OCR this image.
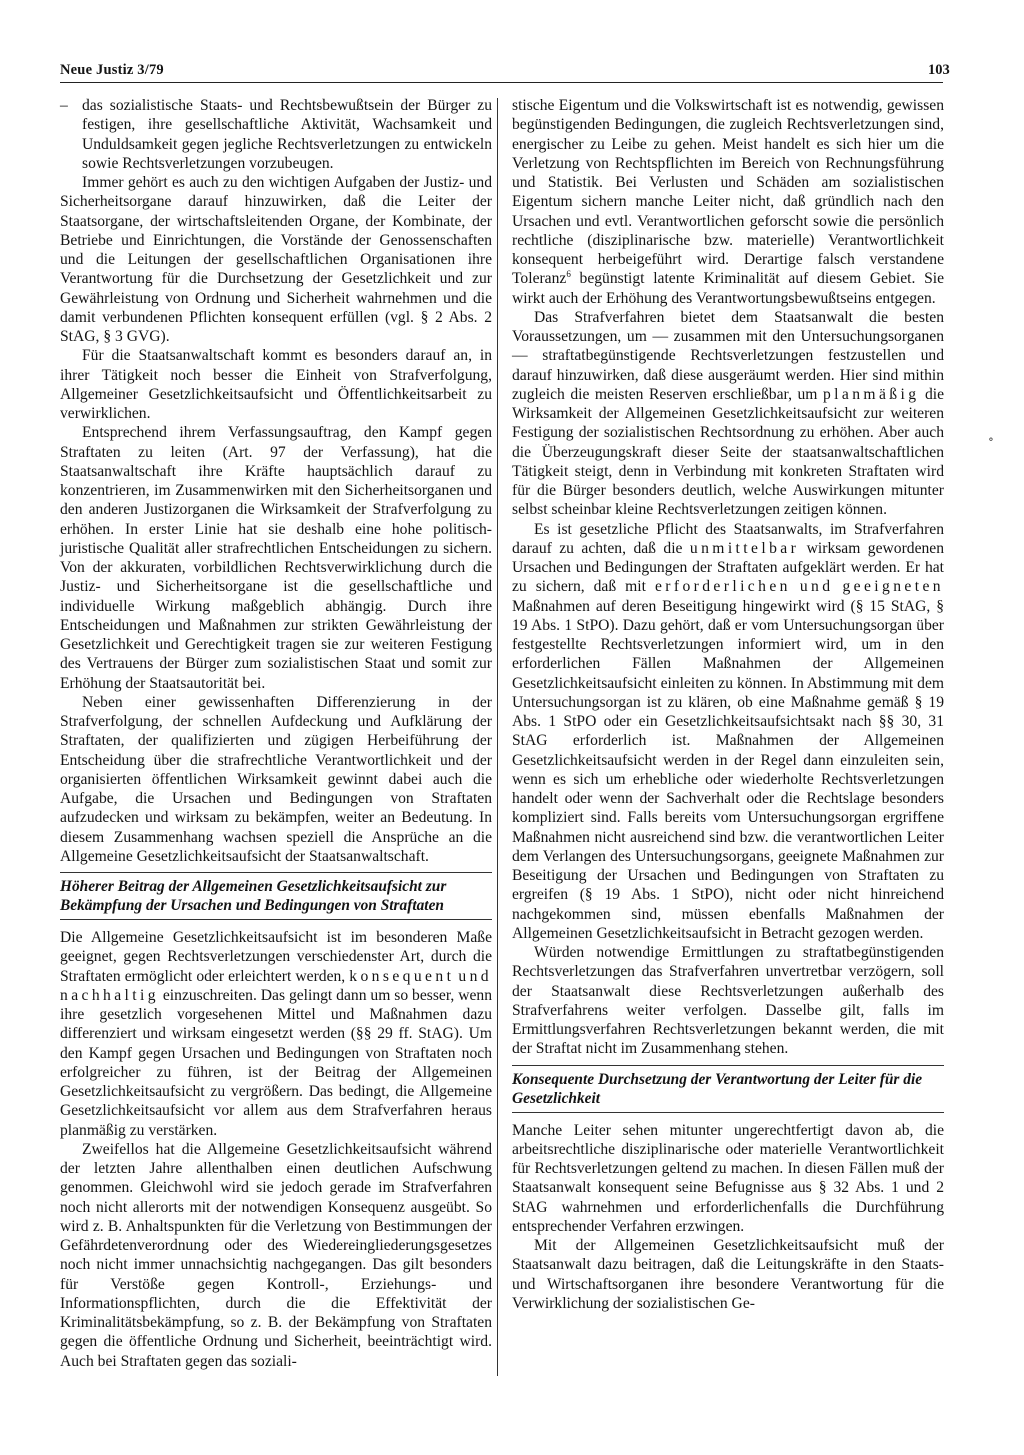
Neue Justiz 3/79	103

– das sozialistische Staats- und Rechtsbewußtsein der Bürger zu festigen, ihre gesellschaftliche Aktivität, Wachsamkeit und Unduldsamkeit gegen jegliche Rechtsverletzungen zu entwickeln sowie Rechtsverletzungen vorzubeugen.

Immer gehört es auch zu den wichtigen Aufgaben der Justiz- und Sicherheitsorgane darauf hinzuwirken, daß die Leiter der Staatsorgane, der wirtschaftsleitenden Organe, der Kombinate, der Betriebe und Einrichtungen, die Vorstände der Genossenschaften und die Leitungen der gesellschaftlichen Organisationen ihre Verantwortung für die Durchsetzung der Gesetzlichkeit und zur Gewährleistung von Ordnung und Sicherheit wahrnehmen und die damit verbundenen Pflichten konsequent erfüllen (vgl. § 2 Abs. 2 StAG, § 3 GVG).

Für die Staatsanwaltschaft kommt es besonders darauf an, in ihrer Tätigkeit noch besser die Einheit von Strafverfolgung, Allgemeiner Gesetzlichkeitsaufsicht und Öffentlichkeitsarbeit zu verwirklichen.

Entsprechend ihrem Verfassungsauftrag, den Kampf gegen Straftaten zu leiten (Art. 97 der Verfassung), hat die Staatsanwaltschaft ihre Kräfte hauptsächlich darauf zu konzentrieren, im Zusammenwirken mit den Sicherheitsorganen und den anderen Justizorganen die Wirksamkeit der Strafverfolgung zu erhöhen. In erster Linie hat sie deshalb eine hohe politisch-juristische Qualität aller strafrechtlichen Entscheidungen zu sichern. Von der akkuraten, vorbildlichen Rechtsverwirklichung durch die Justiz- und Sicherheitsorgane ist die gesellschaftliche und individuelle Wirkung maßgeblich abhängig. Durch ihre Entscheidungen und Maßnahmen zur strikten Gewährleistung der Gesetzlichkeit und Gerechtigkeit tragen sie zur weiteren Festigung des Vertrauens der Bürger zum sozialistischen Staat und somit zur Erhöhung der Staatsautorität bei.

Neben einer gewissenhaften Differenzierung in der Strafverfolgung, der schnellen Aufdeckung und Aufklärung der Straftaten, der qualifizierten und zügigen Herbeiführung der Entscheidung über die strafrechtliche Verantwortlichkeit und der organisierten öffentlichen Wirksamkeit gewinnt dabei auch die Aufgabe, die Ursachen und Bedingungen von Straftaten aufzudecken und wirksam zu bekämpfen, weiter an Bedeutung. In diesem Zusammenhang wachsen speziell die Ansprüche an die Allgemeine Gesetzlichkeitsaufsicht der Staatsanwaltschaft.

Höherer Beitrag der Allgemeinen Gesetzlichkeitsaufsicht zur Bekämpfung der Ursachen und Bedingungen von Straftaten

Die Allgemeine Gesetzlichkeitsaufsicht ist im besonderen Maße geeignet, gegen Rechtsverletzungen verschiedenster Art, durch die Straftaten ermöglicht oder erleichtert werden, konsequent und nachhaltig einzuschreiten. Das gelingt dann um so besser, wenn ihre gesetzlich vorgesehenen Mittel und Maßnahmen dazu differenziert und wirksam eingesetzt werden (§§ 29 ff. StAG). Um den Kampf gegen Ursachen und Bedingungen von Straftaten noch erfolgreicher zu führen, ist der Beitrag der Allgemeinen Gesetzlichkeitsaufsicht zu vergrößern. Das bedingt, die Allgemeine Gesetzlichkeitsaufsicht vor allem aus dem Strafverfahren heraus planmäßig zu verstärken.

Zweifellos hat die Allgemeine Gesetzlichkeitsaufsicht während der letzten Jahre allenthalben einen deutlichen Aufschwung genommen. Gleichwohl wird sie jedoch gerade im Strafverfahren noch nicht allerorts mit der notwendigen Konsequenz ausgeübt. So wird z. B. Anhaltspunkten für die Verletzung von Bestimmungen der Gefährdetenverordnung oder des Wiedereingliederungsgesetzes noch nicht immer unnachsichtig nachgegangen. Das gilt besonders für Verstöße gegen Kontroll-, Erziehungs- und Informationspflichten, durch die die Effektivität der Kriminalitätsbekämpfung, so z. B. der Bekämpfung von Straftaten gegen die öffentliche Ordnung und Sicherheit, beeinträchtigt wird. Auch bei Straftaten gegen das soziali-

stische Eigentum und die Volkswirtschaft ist es notwendig, gewissen begünstigenden Bedingungen, die zugleich Rechtsverletzungen sind, energischer zu Leibe zu gehen. Meist handelt es sich hier um die Verletzung von Rechtspflichten im Bereich von Rechnungsführung und Statistik. Bei Verlusten und Schäden am sozialistischen Eigentum sichern manche Leiter nicht, daß gründlich nach den Ursachen und evtl. Verantwortlichen geforscht sowie die persönlich rechtliche (disziplinarische bzw. materielle) Verantwortlichkeit konsequent herbeigeführt wird. Derartige falsch verstandene Toleranz$^6$ begünstigt latente Kriminalität auf diesem Gebiet. Sie wirkt auch der Erhöhung des Verantwortungsbewußtseins entgegen.

Das Strafverfahren bietet dem Staatsanwalt die besten Voraussetzungen, um — zusammen mit den Untersuchungsorganen — straftatbegünstigende Rechtsverletzungen festzustellen und darauf hinzuwirken, daß diese ausgeräumt werden. Hier sind mithin zugleich die meisten Reserven erschließbar, um planmäßig die Wirksamkeit der Allgemeinen Gesetzlichkeitsaufsicht zur weiteren Festigung der sozialistischen Rechtsordnung zu erhöhen. Aber auch die Überzeugungskraft dieser Seite der staatsanwaltschaftlichen Tätigkeit steigt, denn in Verbindung mit konkreten Straftaten wird für die Bürger besonders deutlich, welche Auswirkungen mitunter selbst scheinbar kleine Rechtsverletzungen zeitigen können.

Es ist gesetzliche Pflicht des Staatsanwalts, im Strafverfahren darauf zu achten, daß die unmittelbar wirksam gewordenen Ursachen und Bedingungen der Straftaten aufgeklärt werden. Er hat zu sichern, daß mit erforderlichen und geeigneten Maßnahmen auf deren Beseitigung hingewirkt wird (§ 15 StAG, § 19 Abs. 1 StPO). Dazu gehört, daß er vom Untersuchungsorgan über festgestellte Rechtsverletzungen informiert wird, um in den erforderlichen Fällen Maßnahmen der Allgemeinen Gesetzlichkeitsaufsicht einleiten zu können. In Abstimmung mit dem Untersuchungsorgan ist zu klären, ob eine Maßnahme gemäß § 19 Abs. 1 StPO oder ein Gesetzlichkeitsaufsichtsakt nach §§ 30, 31 StAG erforderlich ist. Maßnahmen der Allgemeinen Gesetzlichkeitsaufsicht werden in der Regel dann einzuleiten sein, wenn es sich um erhebliche oder wiederholte Rechtsverletzungen handelt oder wenn der Sachverhalt oder die Rechtslage besonders kompliziert sind. Falls bereits vom Untersuchungsorgan ergriffene Maßnahmen nicht ausreichend sind bzw. die verantwortlichen Leiter dem Verlangen des Untersuchungsorgans, geeignete Maßnahmen zur Beseitigung der Ursachen und Bedingungen von Straftaten zu ergreifen (§ 19 Abs. 1 StPO), nicht oder nicht hinreichend nachgekommen sind, müssen ebenfalls Maßnahmen der Allgemeinen Gesetzlichkeitsaufsicht in Betracht gezogen werden.

Würden notwendige Ermittlungen zu straftatbegünstigenden Rechtsverletzungen das Strafverfahren unvertretbar verzögern, soll der Staatsanwalt diese Rechtsverletzungen außerhalb des Strafverfahrens weiter verfolgen. Dasselbe gilt, falls im Ermittlungsverfahren Rechtsverletzungen bekannt werden, die mit der Straftat nicht im Zusammenhang stehen.

Konsequente Durchsetzung der Verantwortung der Leiter für die Gesetzlichkeit

Manche Leiter sehen mitunter ungerechtfertigt davon ab, die arbeitsrechtliche disziplinarische oder materielle Verantwortlichkeit für Rechtsverletzungen geltend zu machen. In diesen Fällen muß der Staatsanwalt konsequent seine Befugnisse aus § 32 Abs. 1 und 2 StAG wahrnehmen und erforderlichenfalls die Durchführung entsprechender Verfahren erzwingen.

Mit der Allgemeinen Gesetzlichkeitsaufsicht muß der Staatsanwalt dazu beitragen, daß die Leitungskräfte in den Staats- und Wirtschaftsorganen ihre besondere Verantwortung für die Verwirklichung der sozialistischen Ge-

∘
